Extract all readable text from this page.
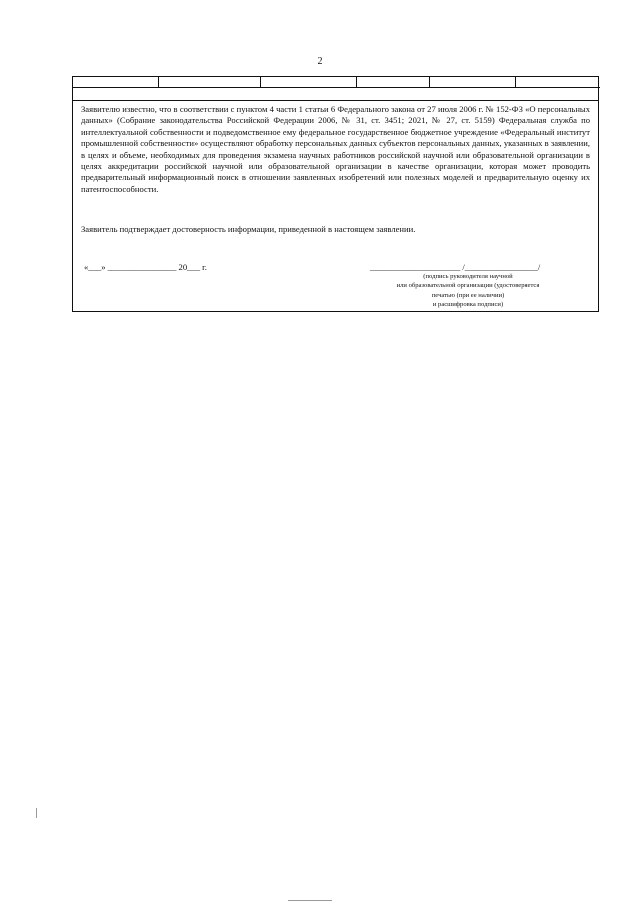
2

Заявителю известно, что в соответствии с пунктом 4 части 1 статьи 6 Федерального закона от 27 июля 2006 г. № 152-ФЗ «О персональных данных» (Собрание законодательства Российской Федерации 2006, № 31, ст. 3451; 2021, № 27, ст. 5159) Федеральная служба по интеллектуальной собственности и подведомственное ему федеральное государственное бюджетное учреждение «Федеральный институт промышленной собственности» осуществляют обработку персональных данных субъектов персональных данных, указанных в заявлении, в целях и объеме, необходимых для проведения экзамена научных работников российской научной или образовательной организации в целях аккредитации российской научной или образовательной организации в качестве организации, которая может проводить предварительный информационный поиск в отношении заявленных изобретений или полезных моделей и предварительную оценку их патентоспособности.

Заявитель подтверждает достоверность информации, приведенной в настоящем заявлении.

«___» ________________ 20___ г.	_____________________ /_________________/

(подпись руководителя научной
или образовательной организации (удостоверяется
печатью (при ее наличии)
и расшифровка подписи)
